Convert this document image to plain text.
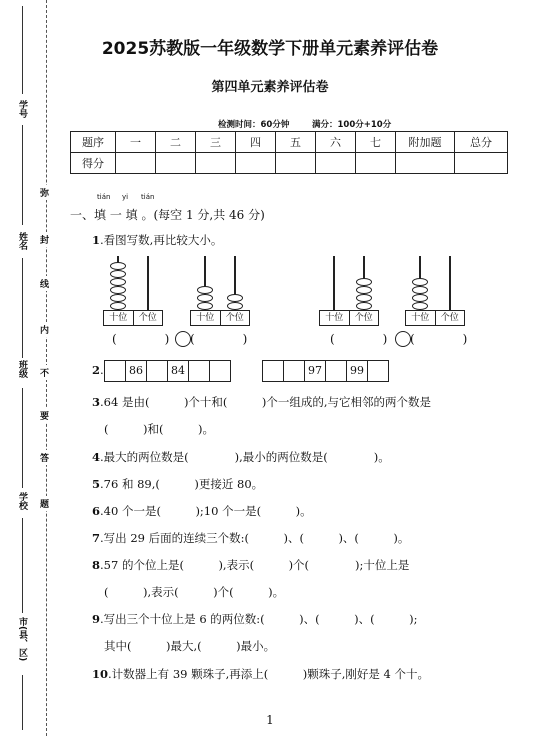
学号
姓名
班级
学校
市(县、区)
弥
封
线
内
不
要
答
题
2025苏教版一年级数学下册单元素养评估卷
第四单元素养评估卷
检测时间：60分钟	满分：100分+10分
题序	一	二	三	四	五	六	七	附加题	总分
得分									
tián yi tián
一、填 一 填 。(每空 1 分,共 46 分)
1.看图写数,再比较大小。
十位	个位	十位	个位	十位	个位	十位	个位
(　　　　) (　　　　)	(　　　　) (　　　　)
2.	86	84	97	99
3.64 是由(　　　)个十和(　　　)个一组成的,与它相邻的两个数是
(　　　)和(　　　)。
4.最大的两位数是(　　　　),最小的两位数是(　　　　)。
5.76 和 89,(　　　)更接近 80。
6.40 个一是(　　　);10 个一是(　　　)。
7.写出 29 后面的连续三个数:(　　　)、(　　　)、(　　　)。
8.57 的个位上是(　　　),表示(　　　)个(　　　　);十位上是
(　　　),表示(　　　)个(　　　)。
9.写出三个十位上是 6 的两位数:(　　　)、(　　　)、(　　　);
其中(　　　)最大,(　　　)最小。
10.计数器上有 39 颗珠子,再添上(　　　)颗珠子,刚好是 4 个十。
1
